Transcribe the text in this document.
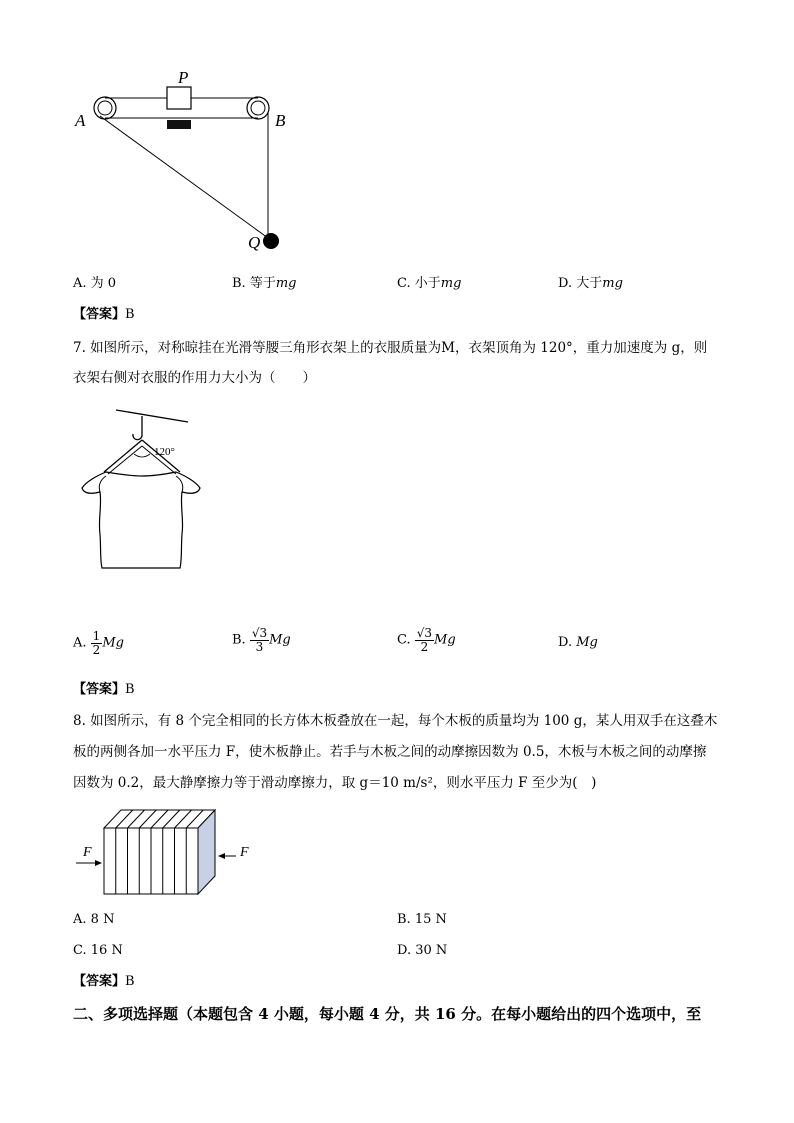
P
A	B
Q
A. 为 0	B. 等于mg	C. 小于mg	D. 大于mg
【答案】B
7. 如图所示，对称晾挂在光滑等腰三角形衣架上的衣服质量为M，衣架顶角为 120°，重力加速度为 g，则
衣架右侧对衣服的作用力大小为（　　）
120°
A. $\frac{1}{2}$ Mg	B. $\frac{√3}{3}$ Mg	C. $\frac{√3}{2}$ Mg	D. Mg
【答案】B
8. 如图所示，有 8 个完全相同的长方体木板叠放在一起，每个木板的质量均为 100 g，某人用双手在这叠木
板的两侧各加一水平压力 F，使木板静止。若手与木板之间的动摩擦因数为 0.5，木板与木板之间的动摩擦
因数为 0.2，最大静摩擦力等于滑动摩擦力，取 g＝10 m/s²，则水平压力 F 至少为(　)
F	F
A. 8 N	B. 15 N
C. 16 N	D. 30 N
【答案】B
二、多项选择题（本题包含 4 小题，每小题 4 分，共 16 分。在每小题给出的四个选项中，至
